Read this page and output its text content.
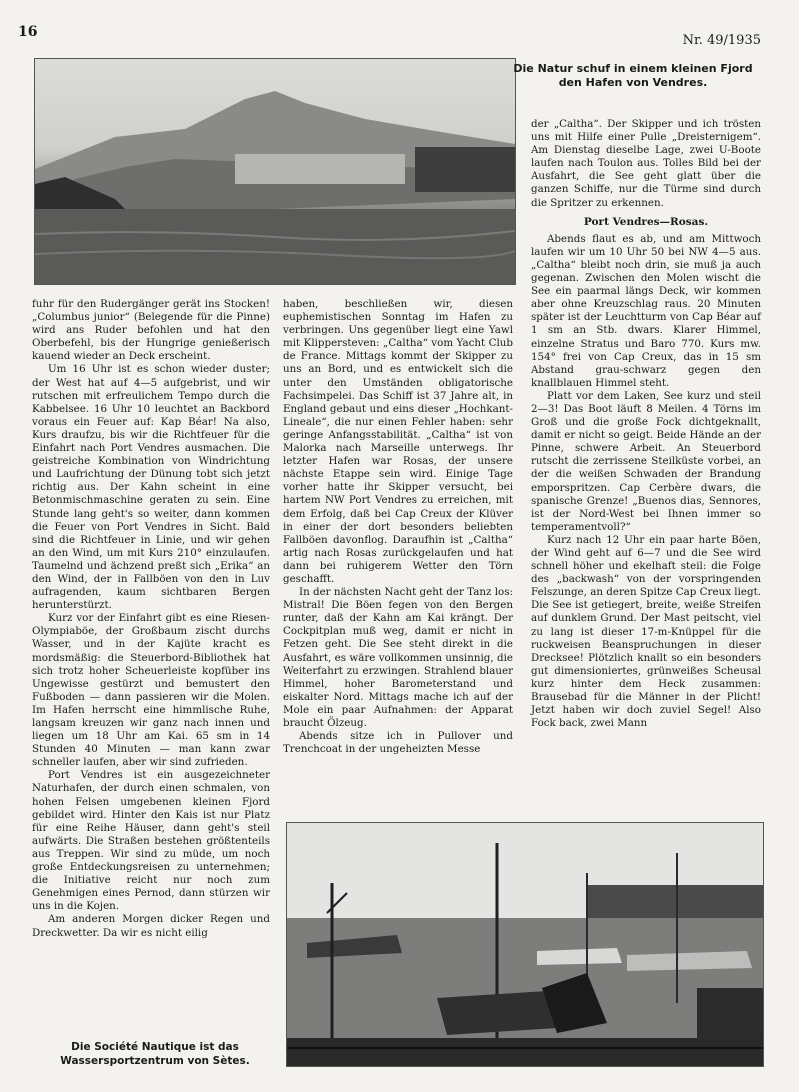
16
Nr. 49/1935
Die Natur schuf in einem kleinen Fjord den Hafen von Vendres.

fuhr für den Rudergänger gerät ins Stocken! „Columbus junior“ (Belegende für die Pinne) wird ans Ruder befohlen und hat den Oberbefehl, bis der Hungrige genießerisch kauend wieder an Deck erscheint.

Um 16 Uhr ist es schon wieder duster; der West hat auf 4—5 aufgebrist, und wir rutschen mit erfreulichem Tempo durch die Kabbelsee. 16 Uhr 10 leuchtet an Backbord voraus ein Feuer auf: Kap Béar! Na also, Kurs draufzu, bis wir die Richtfeuer für die Einfahrt nach Port Vendres ausmachen. Die geistreiche Kombination von Windrichtung und Laufrichtung der Dünung tobt sich jetzt richtig aus. Der Kahn scheint in eine Betonmischmaschine geraten zu sein. Eine Stunde lang geht's so weiter, dann kommen die Feuer von Port Vendres in Sicht. Bald sind die Richtfeuer in Linie, und wir gehen an den Wind, um mit Kurs 210° einzulaufen. Taumelnd und ächzend preßt sich „Erika“ an den Wind, der in Fallböen von den in Luv aufragenden, kaum sichtbaren Bergen herunterstürzt.

Kurz vor der Einfahrt gibt es eine Riesen-Olympiaböe, der Großbaum zischt durchs Wasser, und in der Kajüte kracht es mordsmäßig: die Steuerbord-Bibliothek hat sich trotz hoher Scheuerleiste kopfüber ins Ungewisse gestürzt und bemustert den Fußboden — dann passieren wir die Molen. Im Hafen herrscht eine himmlische Ruhe, langsam kreuzen wir ganz nach innen und liegen um 18 Uhr am Kai. 65 sm in 14 Stunden 40 Minuten — man kann zwar schneller laufen, aber wir sind zufrieden.

Port Vendres ist ein ausgezeichneter Naturhafen, der durch einen schmalen, von hohen Felsen umgebenen kleinen Fjord gebildet wird. Hinter den Kais ist nur Platz für eine Reihe Häuser, dann geht's steil aufwärts. Die Straßen bestehen größtenteils aus Treppen. Wir sind zu müde, um noch große Entdeckungsreisen zu unternehmen; die Initiative reicht nur noch zum Genehmigen eines Pernod, dann stürzen wir uns in die Kojen.

Am anderen Morgen dicker Regen und Dreckwetter. Da wir es nicht eilig

haben, beschließen wir, diesen euphemistischen Sonntag im Hafen zu verbringen. Uns gegenüber liegt eine Yawl mit Klippersteven: „Caltha“ vom Yacht Club de France. Mittags kommt der Skipper zu uns an Bord, und es entwickelt sich die unter den Umständen obligatorische Fachsimpelei. Das Schiff ist 37 Jahre alt, in England gebaut und eins dieser „Hochkant-Lineale“, die nur einen Fehler haben: sehr geringe Anfangsstabilität. „Caltha“ ist von Malorka nach Marseille unterwegs. Ihr letzter Hafen war Rosas, der unsere nächste Etappe sein wird. Einige Tage vorher hatte ihr Skipper versucht, bei hartem NW Port Vendres zu erreichen, mit dem Erfolg, daß bei Cap Creux der Klüver in einer der dort besonders beliebten Fallböen davonflog. Daraufhin ist „Caltha“ artig nach Rosas zurückgelaufen und hat dann bei ruhigerem Wetter den Törn geschafft.

In der nächsten Nacht geht der Tanz los: Mistral! Die Böen fegen von den Bergen runter, daß der Kahn am Kai krängt. Der Cockpitplan muß weg, damit er nicht in Fetzen geht. Die See steht direkt in die Ausfahrt, es wäre vollkommen unsinnig, die Weiterfahrt zu erzwingen. Strahlend blauer Himmel, hoher Barometerstand und eiskalter Nord. Mittags mache ich auf der Mole ein paar Aufnahmen: der Apparat braucht Ölzeug.

Abends sitze ich in Pullover und Trenchcoat in der ungeheizten Messe

der „Caltha“. Der Skipper und ich trösten uns mit Hilfe einer Pulle „Dreisternigem“. Am Dienstag dieselbe Lage, zwei U-Boote laufen nach Toulon aus. Tolles Bild bei der Ausfahrt, die See geht glatt über die ganzen Schiffe, nur die Türme sind durch die Spritzer zu erkennen.

Port Vendres—Rosas.

Abends flaut es ab, und am Mittwoch laufen wir um 10 Uhr 50 bei NW 4—5 aus. „Caltha“ bleibt noch drin, sie muß ja auch gegenan. Zwischen den Molen wischt die See ein paarmal längs Deck, wir kommen aber ohne Kreuzschlag raus. 20 Minuten später ist der Leuchtturm von Cap Béar auf 1 sm an Stb. dwars. Klarer Himmel, einzelne Stratus und Baro 770. Kurs mw. 154° frei von Cap Creux, das in 15 sm Abstand grau-schwarz gegen den knallblauen Himmel steht.

Platt vor dem Laken, See kurz und steil 2—3! Das Boot läuft 8 Meilen. 4 Törns im Groß und die große Fock dichtgeknallt, damit er nicht so geigt. Beide Hände an der Pinne, schwere Arbeit. An Steuerbord rutscht die zerrissene Steilküste vorbei, an der die weißen Schwaden der Brandung emporspritzen. Cap Cerbère dwars, die spanische Grenze! „Buenos dias, Sennores, ist der Nord-West bei Ihnen immer so temperamentvoll?“

Kurz nach 12 Uhr ein paar harte Böen, der Wind geht auf 6—7 und die See wird schnell höher und ekelhaft steil: die Folge des „backwash“ von der vorspringenden Felszunge, an deren Spitze Cap Creux liegt. Die See ist getiegert, breite, weiße Streifen auf dunklem Grund. Der Mast peitscht, viel zu lang ist dieser 17-m-Knüppel für die ruckweisen Beanspruchungen in dieser Drecksee! Plötzlich knallt so ein besonders gut dimensioniertes, grünweißes Scheusal kurz hinter dem Heck zusammen: Brausebad für die Männer in der Plicht! Jetzt haben wir doch zuviel Segel! Also Fock back, zwei Mann

Die Société Nautique ist das Wassersportzentrum von Sètes.
